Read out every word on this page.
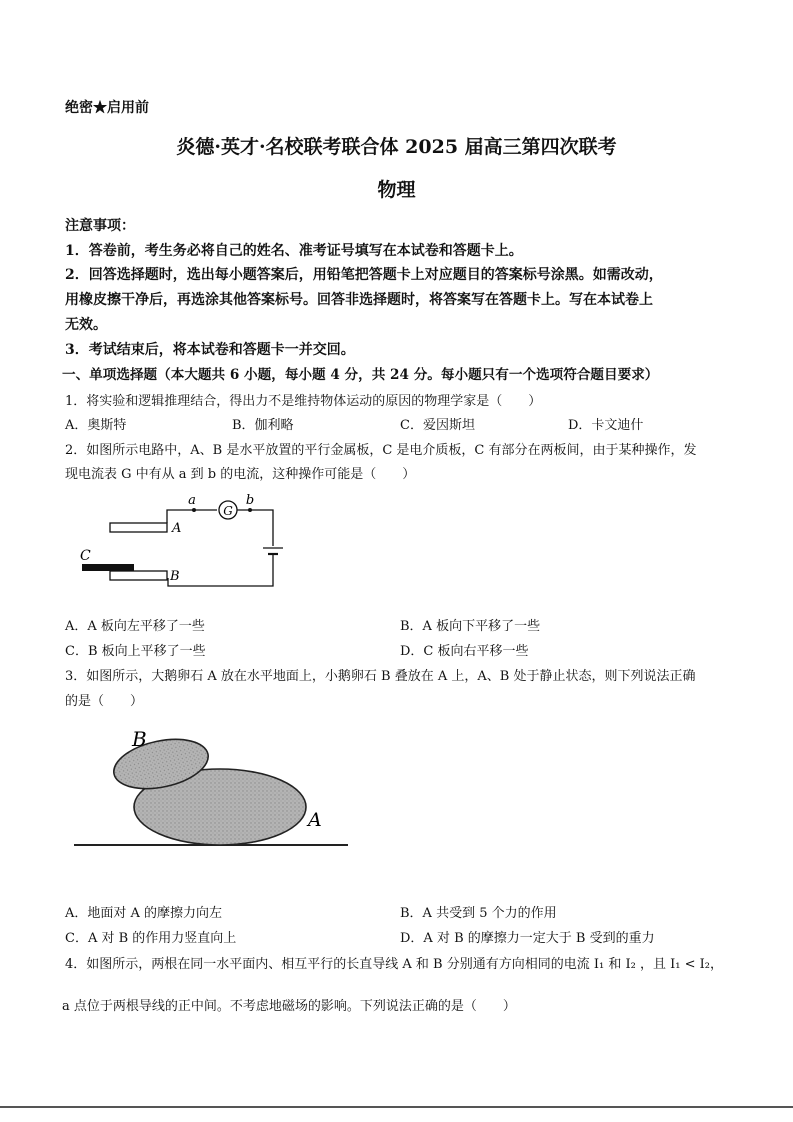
绝密★启用前
炎德·英才·名校联考联合体 2025 届高三第四次联考
物理
注意事项：
1．答卷前，考生务必将自己的姓名、准考证号填写在本试卷和答题卡上。
2．回答选择题时，选出每小题答案后，用铅笔把答题卡上对应题目的答案标号涂黑。如需改动，
用橡皮擦干净后，再选涂其他答案标号。回答非选择题时，将答案写在答题卡上。写在本试卷上
无效。
3．考试结束后，将本试卷和答题卡一并交回。
一、单项选择题（本大题共 6 小题，每小题 4 分，共 24 分。每小题只有一个选项符合题目要求）
1．将实验和逻辑推理结合，得出力不是维持物体运动的原因的物理学家是（　　）
A．奥斯特	B．伽利略	C．爱因斯坦	D．卡文迪什
2．如图所示电路中，A、B 是水平放置的平行金属板，C 是电介质板，C 有部分在两板间，由于某种操作，发
现电流表 G 中有从 a 到 b 的电流，这种操作可能是（　　）
G
a	b
A
C
B
A．A 板向左平移了一些	B．A 板向下平移了一些
C．B 板向上平移了一些	D．C 板向右平移一些
3．如图所示，大鹅卵石 A 放在水平地面上，小鹅卵石 B 叠放在 A 上，A、B 处于静止状态，则下列说法正确
的是（　　）
B
A
A．地面对 A 的摩擦力向左	B．A 共受到 5 个力的作用
C．A 对 B 的作用力竖直向上	D．A 对 B 的摩擦力一定大于 B 受到的重力
4．如图所示，两根在同一水平面内、相互平行的长直导线 A 和 B 分别通有方向相同的电流 I₁ 和 I₂ ，且 I₁ < I₂，
a 点位于两根导线的正中间。不考虑地磁场的影响。下列说法正确的是（　　）
